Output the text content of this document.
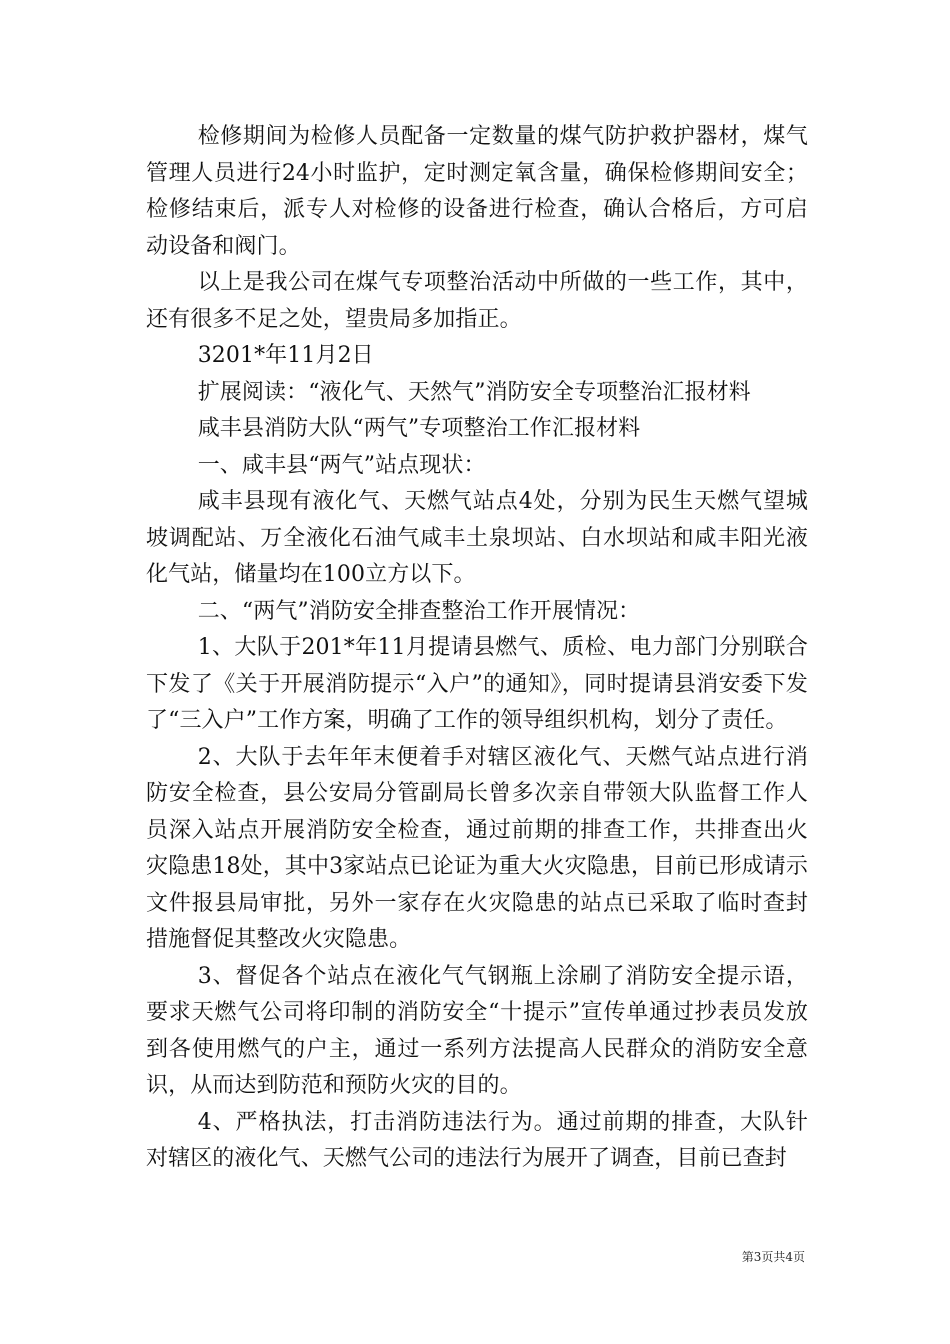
检修期间为检修人员配备一定数量的煤气防护救护器材，煤气管理人员进行24小时监护，定时测定氧含量，确保检修期间安全；检修结束后，派专人对检修的设备进行检查，确认合格后，方可启动设备和阀门。

以上是我公司在煤气专项整治活动中所做的一些工作，其中，还有很多不足之处，望贵局多加指正。

3201*年11月2日

扩展阅读：“液化气、天然气”消防安全专项整治汇报材料

咸丰县消防大队“两气”专项整治工作汇报材料

一、咸丰县“两气”站点现状：

咸丰县现有液化气、天燃气站点4处，分别为民生天燃气望城坡调配站、万全液化石油气咸丰土泉坝站、白水坝站和咸丰阳光液化气站，储量均在100立方以下。

二、“两气”消防安全排查整治工作开展情况：

1、大队于201*年11月提请县燃气、质检、电力部门分别联合下发了《关于开展消防提示“入户”的通知》，同时提请县消安委下发了“三入户”工作方案，明确了工作的领导组织机构，划分了责任。

2、大队于去年年末便着手对辖区液化气、天燃气站点进行消防安全检查，县公安局分管副局长曾多次亲自带领大队监督工作人员深入站点开展消防安全检查，通过前期的排查工作，共排查出火灾隐患18处，其中3家站点已论证为重大火灾隐患，目前已形成请示文件报县局审批，另外一家存在火灾隐患的站点已采取了临时查封措施督促其整改火灾隐患。

3、督促各个站点在液化气气钢瓶上涂刷了消防安全提示语，要求天燃气公司将印制的消防安全“十提示”宣传单通过抄表员发放到各使用燃气的户主，通过一系列方法提高人民群众的消防安全意识，从而达到防范和预防火灾的目的。

4、严格执法，打击消防违法行为。通过前期的排查，大队针对辖区的液化气、天燃气公司的违法行为展开了调查，目前已查封

第3页共4页
